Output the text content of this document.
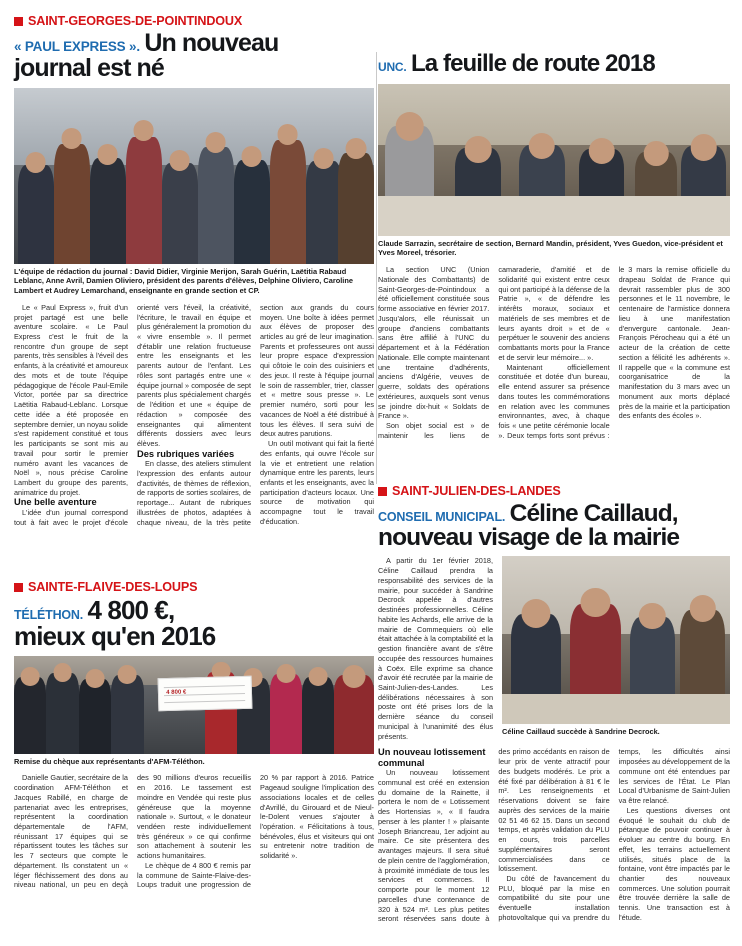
SAINT-GEORGES-DE-POINTINDOUX
« PAUL EXPRESS ». Un nouveau
journal est né
L'équipe de rédaction du journal : David Didier, Virginie Merijon, Sarah Guérin, Laëtitia Rabaud Leblanc, Anne Avril, Damien Oliviero, président des parents d'élèves, Delphine Oliviero, Caroline Lambert et Audrey Lemarchand, enseignante en grande section et CP.

Le « Paul Express », fruit d'un projet partagé est une belle aventure scolaire. « Le Paul Express c'est le fruit de la rencontre d'un groupe de sept parents, très sensibles à l'éveil des enfants, à la créativité et amoureux des mots et de toute l'équipe pédagogique de l'école Paul-Emile Victor, portée par sa directrice Laëtitia Rabaud-Leblanc. Lorsque cette idée a été proposée en septembre dernier, un noyau solide s'est rapidement constitué et tous les participants se sont mis au travail pour sortir le premier numéro avant les vacances de Noël », nous précise Caroline Lambert du groupe des parents, animatrice du projet.

Une belle aventure

L'idée d'un journal correspond tout à fait avec le projet d'école orienté vers l'éveil, la créativité, l'écriture, le travail en équipe et plus généralement la promotion du « vivre ensemble ». Il permet d'établir une relation fructueuse entre les enseignants et les parents autour de l'enfant. Les rôles sont partagés entre une « équipe journal » composée de sept parents plus spécialement chargés de l'édition et une « équipe de rédaction » composée des enseignantes qui alimentent différents dossiers avec leurs élèves.

Des rubriques variées

En classe, des ateliers stimulent l'expression des enfants autour d'activités, de thèmes de réflexion, de rapports de sorties scolaires, de reportage... Autant de rubriques illustrées de photos, adaptées à chaque niveau, de la très petite section aux grands du cours moyen. Une boîte à idées permet aux élèves de proposer des articles au gré de leur imagination. Parents et professeures ont aussi leur propre espace d'expression qui côtoie le coin des cuisiniers et des jeux. Il reste à l'équipe journal le soin de rassembler, trier, classer et « mettre sous presse ». Le premier numéro, sorti pour les vacances de Noël a été distribué à tous les élèves. Il sera suivi de deux autres parutions.

Un outil motivant qui fait la fierté des enfants, qui ouvre l'école sur la vie et entretient une relation dynamique entre les parents, leurs enfants et les enseignants, avec la participation d'acteurs locaux. Une source de motivation qui accompagne tout le travail d'éducation.

UNC. La feuille de route 2018
Claude Sarrazin, secrétaire de section, Bernard Mandin, président, Yves Guedon, vice-président et Yves Moreel, trésorier.

La section UNC (Union Nationale des Combattants) de Saint-Georges-de-Pointindoux a été officiellement constituée sous forme associative en février 2017. Jusqu'alors, elle réunissait un groupe d'anciens combattants sans être affilié à l'UNC du département et à la Fédération Nationale. Elle compte maintenant une trentaine d'adhérents, anciens d'Algérie, veuves de guerre, soldats des opérations extérieures, auxquels sont venus se joindre dix-huit « Soldats de France ».

Son objet social est » de maintenir les liens de camaraderie, d'amitié et de solidarité qui existent entre ceux qui ont participé à la défense de la Patrie », « de défendre les intérêts moraux, sociaux et matériels de ses membres et de leurs ayants droit » et de « perpétuer le souvenir des anciens combattants morts pour la France et de servir leur mémoire... ».

Maintenant officiellement constituée et dotée d'un bureau, elle entend assurer sa présence dans toutes les commémorations en relation avec les communes environnantes, avec, à chaque fois « une petite cérémonie locale ». Deux temps forts sont prévus : le 3 mars la remise officielle du drapeau Soldat de France qui devrait rassembler plus de 300 personnes et le 11 novembre, le centenaire de l'armistice donnera lieu à une manifestation d'envergure cantonale. Jean-François Pérocheau qui a été un acteur de la création de cette section a félicité les adhérents ». Il rappelle que « la commune est coorganisatrice de la manifestation du 3 mars avec un monument aux morts déplacé près de la mairie et la participation des enfants des écoles ».

SAINTE-FLAIVE-DES-LOUPS
TÉLÉTHON. 4 800 €,
mieux qu'en 2016
4 800 €
Remise du chèque aux représentants d'AFM-Téléthon.

Danielle Gautier, secrétaire de la coordination AFM-Téléthon et Jacques Rabillé, en charge de partenariat avec les entreprises, représentent la coordination départementale de l'AFM, réunissant 17 équipes qui se répartissent toutes les tâches sur les 7 secteurs que compte le département. Ils constatent un « léger fléchissement des dons au niveau national, un peu en deçà des 90 millions d'euros recueillis en 2016. Le tassement est moindre en Vendée qui reste plus généreuse que la moyenne nationale ». Surtout, « le donateur vendéen reste individuellement très généreux » ce qui confirme son attachement à soutenir les actions humanitaires.

Le chèque de 4 800 € remis par la commune de Sainte-Flaive-des-Loups traduit une progression de 20 % par rapport à 2016. Patrice Pageaud souligne l'implication des associations locales et de celles d'Avrillé, du Girouard et de Nieul-le-Dolent venues s'ajouter à l'opération. « Félicitations à tous, bénévoles, élus et visiteurs qui ont su entretenir notre tradition de solidarité ».

SAINT-JULIEN-DES-LANDES
CONSEIL MUNICIPAL. Céline Caillaud,
nouveau visage de la mairie

A partir du 1er février 2018, Céline Caillaud prendra la responsabilité des services de la mairie, pour succéder à Sandrine Decrock appelée à d'autres destinées professionnelles. Céline habite les Achards, elle arrive de la mairie de Commequiers où elle était attachée à la comptabilité et la gestion financière avant de s'être occupée des ressources humaines à Coëx. Elle exprime sa chance d'avoir été recrutée par la mairie de Saint-Julien-des-Landes. Les délibérations nécessaires à son poste ont été prises lors de la dernière séance du conseil municipal à l'unanimité des élus présents.	Céline Caillaud succède à Sandrine Decrock.

Un nouveau lotissement communal

Un nouveau lotissement communal est créé en extension du domaine de la Rainette, il portera le nom de « Lotissement des Hortensias », « Il faudra penser à les planter ! » plaisante Joseph Briancreau, 1er adjoint au maire. Ce site présentera des avantages majeurs. Il sera situé de plein centre de l'agglomération, à proximité immédiate de tous les services et commerces. Il comporte pour le moment 12 parcelles d'une contenance de 320 à 524 m². Les plus petites seront réservées sans doute à des primo accédants en raison de leur prix de vente attractif pour des budgets modérés. Le prix a été fixé par délibération à 81 € le m². Les renseignements et réservations doivent se faire auprès des services de la mairie 02 51 46 62 15. Dans un second temps, et après validation du PLU en cours, trois parcelles supplémentaires seront commercialisées dans ce lotissement.

Du côté de l'avancement du PLU, bloqué par la mise en compatibilité du site pour une éventuelle installation photovoltaïque qui va prendre du temps, les difficultés ainsi imposées au développement de la commune ont été entendues par les services de l'État. Le Plan Local d'Urbanisme de Saint-Julien va être relancé.

Les questions diverses ont évoqué le souhait du club de pétanque de pouvoir continuer à évoluer au centre du bourg. En effet, les terrains actuellement utilisés, situés place de la fontaine, vont être impactés par le chantier des nouveaux commerces. Une solution pourrait être trouvée derrière la salle de tennis. Une transaction est à l'étude.
